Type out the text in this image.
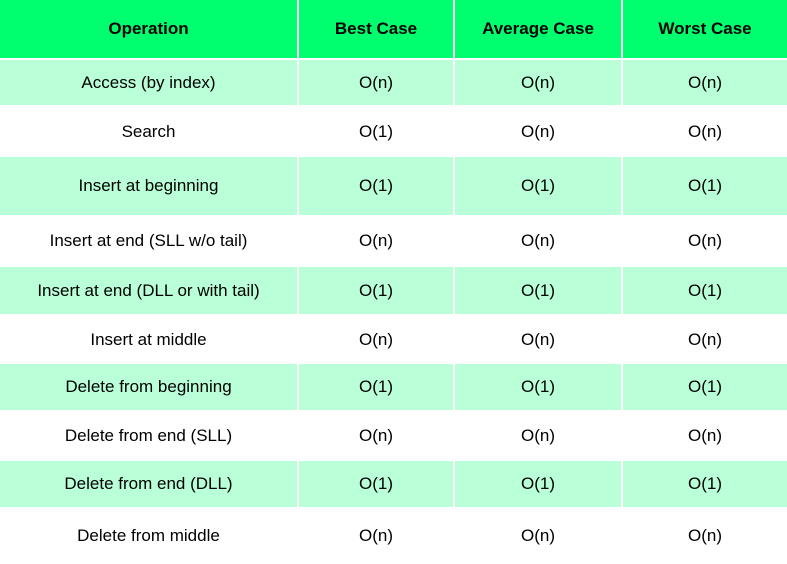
Operation	Best Case	Average Case	Worst Case
Access (by index)	O(n)	O(n)	O(n)
Search	O(1)	O(n)	O(n)
Insert at beginning	O(1)	O(1)	O(1)
Insert at end (SLL w/o tail)	O(n)	O(n)	O(n)
Insert at end (DLL or with tail)	O(1)	O(1)	O(1)
Insert at middle	O(n)	O(n)	O(n)
Delete from beginning	O(1)	O(1)	O(1)
Delete from end (SLL)	O(n)	O(n)	O(n)
Delete from end (DLL)	O(1)	O(1)	O(1)
Delete from middle	O(n)	O(n)	O(n)
